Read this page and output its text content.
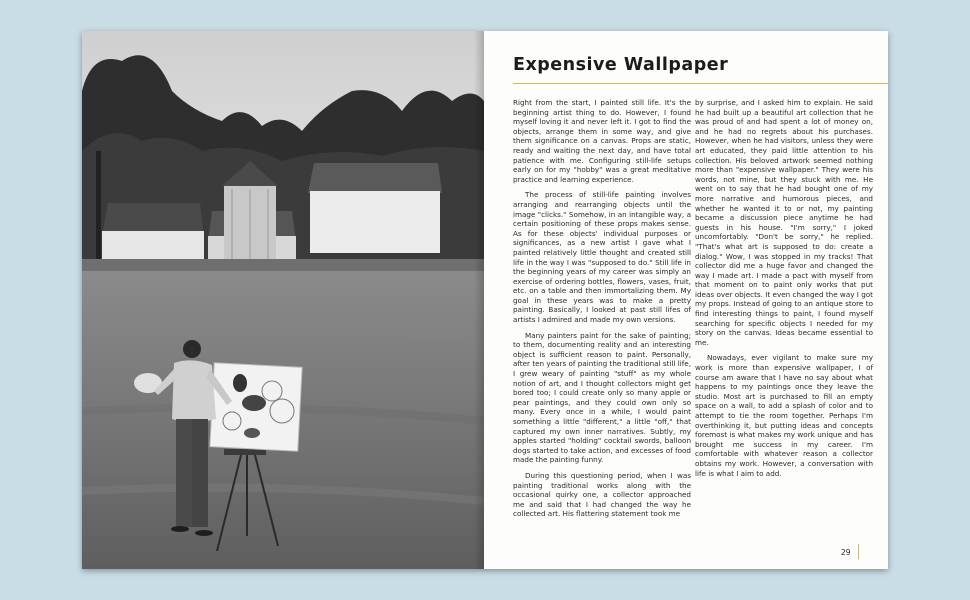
Expensive Wallpaper

Right from the start, I painted still life. It's the beginning artist thing to do. However, I found myself loving it and never left it. I got to find the objects, arrange them in some way, and give them significance on a canvas. Props are static, ready and waiting the next day, and have total patience with me. Configuring still-life setups early on for my "hobby" was a great meditative practice and learning experience.

The process of still-life painting involves arranging and rearranging objects until the image "clicks." Somehow, in an intangible way, a certain positioning of these props makes sense. As for these objects' individual purposes or significances, as a new artist I gave what I painted relatively little thought and created still life in the way I was "supposed to do." Still life in the beginning years of my career was simply an exercise of ordering bottles, flowers, vases, fruit, etc. on a table and then immortalizing them. My goal in these years was to make a pretty painting. Basically, I looked at past still lifes of artists I admired and made my own versions.

Many painters paint for the sake of painting; to them, documenting reality and an interesting object is sufficient reason to paint. Personally, after ten years of painting the traditional still life, I grew weary of painting "stuff" as my whole notion of art, and I thought collectors might get bored too; I could create only so many apple or pear paintings, and they could own only so many. Every once in a while, I would paint something a little "different," a little "off," that captured my own inner narratives. Subtly, my apples started "holding" cocktail swords, balloon dogs started to take action, and excesses of food made the painting funny.

During this questioning period, when I was painting traditional works along with the occasional quirky one, a collector approached me and said that I had changed the way he collected art. His flattering statement took me

by surprise, and I asked him to explain. He said he had built up a beautiful art collection that he was proud of and had spent a lot of money on, and he had no regrets about his purchases. However, when he had visitors, unless they were art educated, they paid little attention to his collection. His beloved artwork seemed nothing more than "expensive wallpaper." They were his words, not mine, but they stuck with me. He went on to say that he had bought one of my more narrative and humorous pieces, and whether he wanted it to or not, my painting became a discussion piece anytime he had guests in his house. "I'm sorry," I joked uncomfortably. "Don't be sorry," he replied. "That's what art is supposed to do: create a dialog." Wow, I was stopped in my tracks! That collector did me a huge favor and changed the way I made art. I made a pact with myself from that moment on to paint only works that put ideas over objects. It even changed the way I got my props. Instead of going to an antique store to find interesting things to paint, I found myself searching for specific objects I needed for my story on the canvas. Ideas became essential to me.

Nowadays, ever vigilant to make sure my work is more than expensive wallpaper, I of course am aware that I have no say about what happens to my paintings once they leave the studio. Most art is purchased to fill an empty space on a wall, to add a splash of color and to attempt to tie the room together. Perhaps I'm overthinking it, but putting ideas and concepts foremost is what makes my work unique and has brought me success in my career. I'm comfortable with whatever reason a collector obtains my work. However, a conversation with life is what I aim to add.

29
